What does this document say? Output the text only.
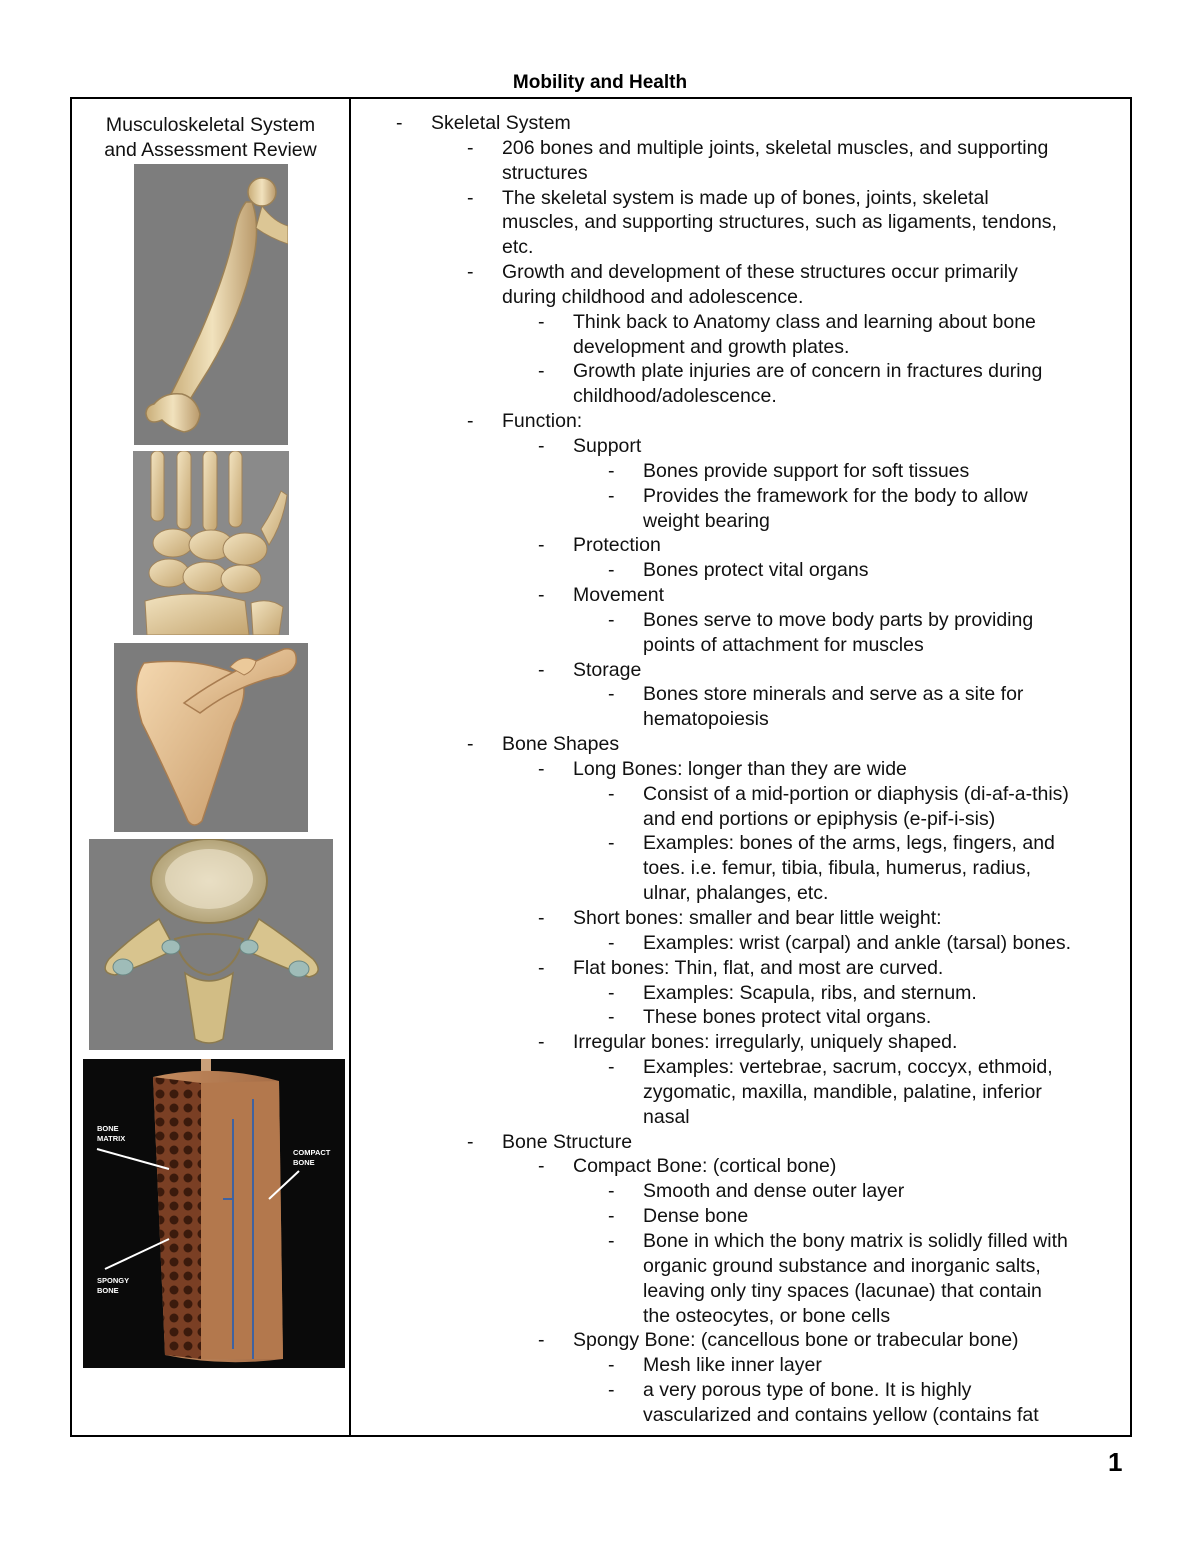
Mobility and Health
Musculoskeletal System
and Assessment Review
BONE
MATRIX
COMPACT
BONE
SPONGY
BONE
- Skeletal System
- 206 bones and multiple joints, skeletal muscles, and supporting
structures
- The skeletal system is made up of bones, joints, skeletal
muscles, and supporting structures, such as ligaments, tendons,
etc.
- Growth and development of these structures occur primarily
during childhood and adolescence.
- Think back to Anatomy class and learning about bone
development and growth plates.
- Growth plate injuries are of concern in fractures during
childhood/adolescence.
- Function:
- Support
- Bones provide support for soft tissues
- Provides the framework for the body to allow
weight bearing
- Protection
- Bones protect vital organs
- Movement
- Bones serve to move body parts by providing
points of attachment for muscles
- Storage
- Bones store minerals and serve as a site for
hematopoiesis
- Bone Shapes
- Long Bones: longer than they are wide
- Consist of a mid-portion or diaphysis (di-af-a-this)
and end portions or epiphysis (e-pif-i-sis)
- Examples: bones of the arms, legs, fingers, and
toes. i.e. femur, tibia, fibula, humerus, radius,
ulnar, phalanges, etc.
- Short bones: smaller and bear little weight:
- Examples: wrist (carpal) and ankle (tarsal) bones.
- Flat bones: Thin, flat, and most are curved.
- Examples: Scapula, ribs, and sternum.
- These bones protect vital organs.
- Irregular bones: irregularly, uniquely shaped.
- Examples: vertebrae, sacrum, coccyx, ethmoid,
zygomatic, maxilla, mandible, palatine, inferior
nasal
- Bone Structure
- Compact Bone: (cortical bone)
- Smooth and dense outer layer
- Dense bone
- Bone in which the bony matrix is solidly filled with
organic ground substance and inorganic salts,
leaving only tiny spaces (lacunae) that contain
the osteocytes, or bone cells
- Spongy Bone: (cancellous bone or trabecular bone)
- Mesh like inner layer
- a very porous type of bone. It is highly
vascularized and contains yellow (contains fat
1
